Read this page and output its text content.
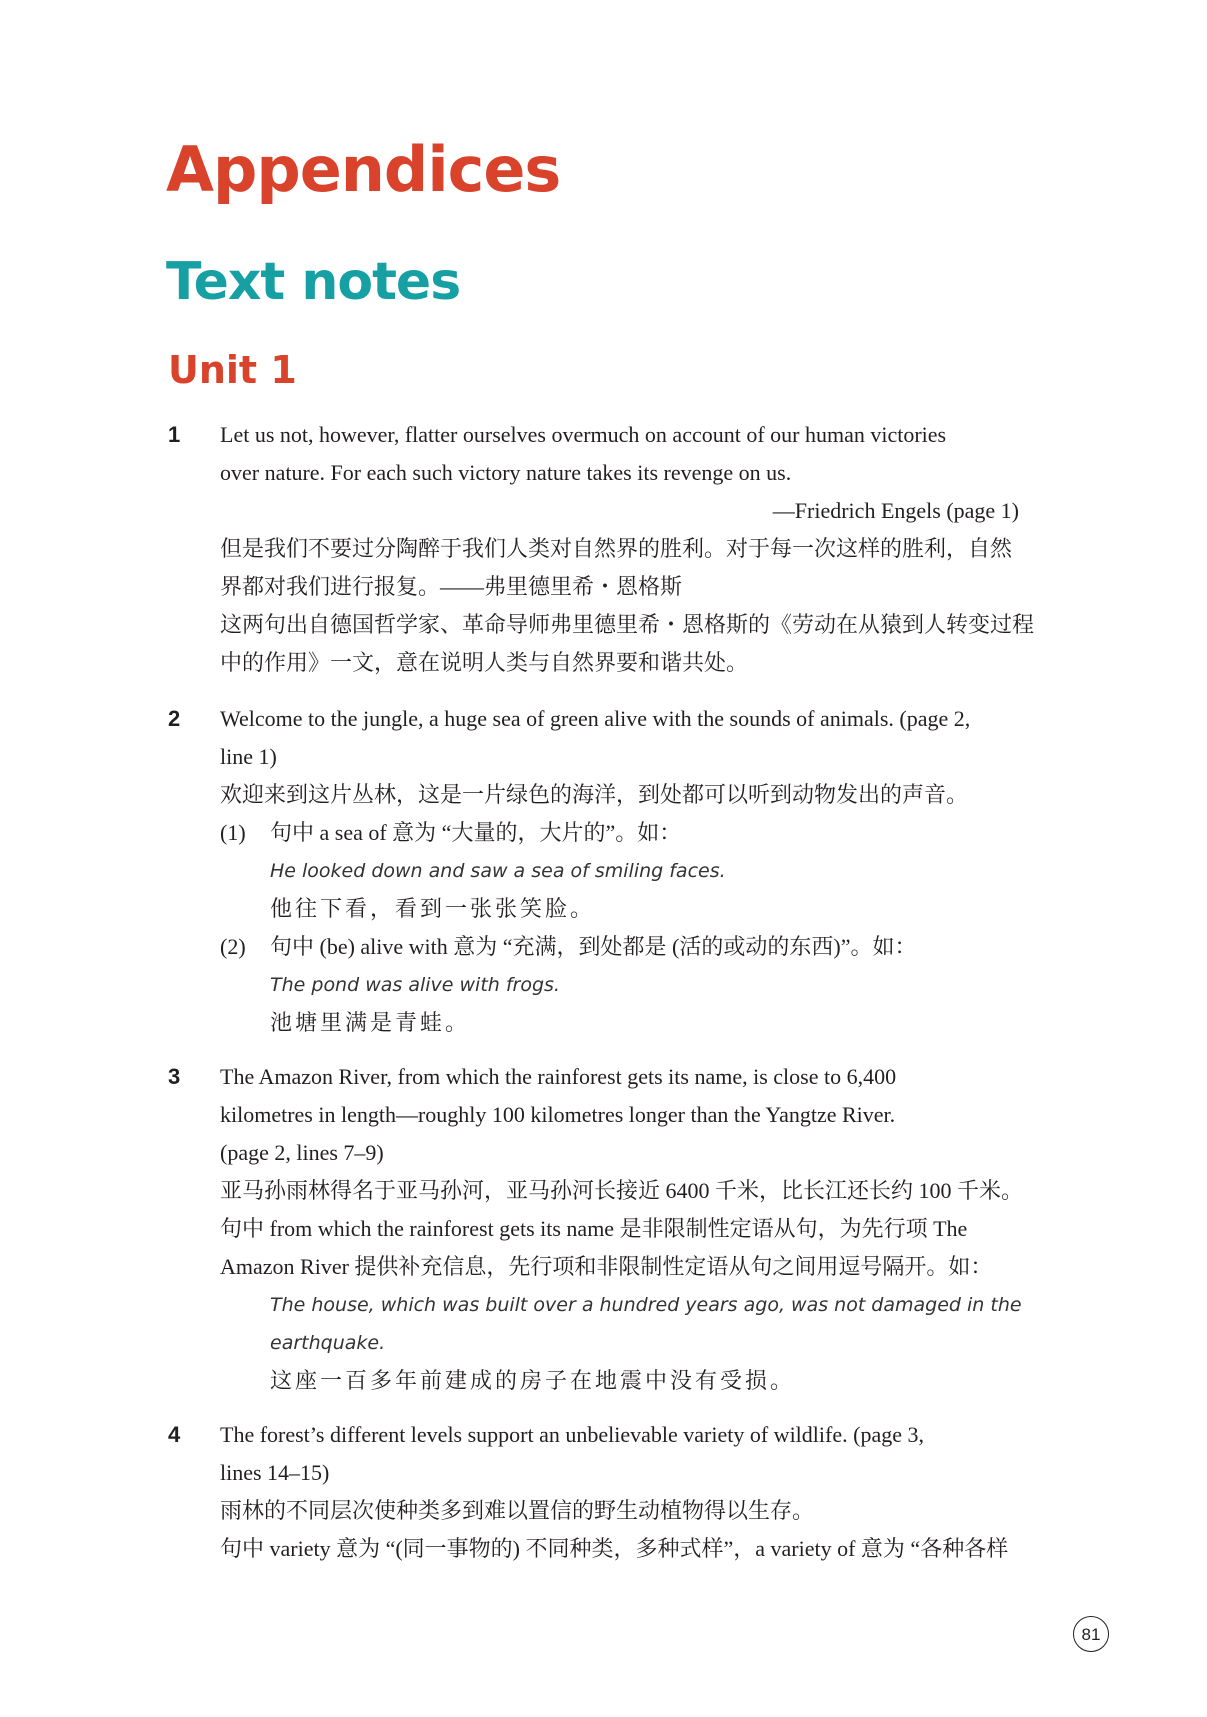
Appendices
Text notes
Unit 1
1 Let us not, however, flatter ourselves overmuch on account of our human victories
over nature. For each such victory nature takes its revenge on us.
—Friedrich Engels (page 1)
但是我们不要过分陶醉于我们人类对自然界的胜利。对于每一次这样的胜利，自然
界都对我们进行报复。——弗里德里希・恩格斯
这两句出自德国哲学家、革命导师弗里德里希・恩格斯的《劳动在从猿到人转变过程
中的作用》一文，意在说明人类与自然界要和谐共处。
2 Welcome to the jungle, a huge sea of green alive with the sounds of animals. (page 2,
line 1)
欢迎来到这片丛林，这是一片绿色的海洋，到处都可以听到动物发出的声音。
(1) 句中 a sea of 意为 “大量的，大片的”。如：
He looked down and saw a sea of smiling faces.
他往下看，看到一张张笑脸。
(2) 句中 (be) alive with 意为 “充满，到处都是 (活的或动的东西)”。如：
The pond was alive with frogs.
池塘里满是青蛙。
3 The Amazon River, from which the rainforest gets its name, is close to 6,400
kilometres in length—roughly 100 kilometres longer than the Yangtze River.
(page 2, lines 7–9)
亚马孙雨林得名于亚马孙河，亚马孙河长接近 6400 千米，比长江还长约 100 千米。
句中 from which the rainforest gets its name 是非限制性定语从句，为先行项 The
Amazon River 提供补充信息，先行项和非限制性定语从句之间用逗号隔开。如：
The house, which was built over a hundred years ago, was not damaged in the
earthquake.
这座一百多年前建成的房子在地震中没有受损。
4 The forest’s different levels support an unbelievable variety of wildlife. (page 3,
lines 14–15)
雨林的不同层次使种类多到难以置信的野生动植物得以生存。
句中 variety 意为 “(同一事物的) 不同种类，多种式样”，a variety of 意为 “各种各样
81
